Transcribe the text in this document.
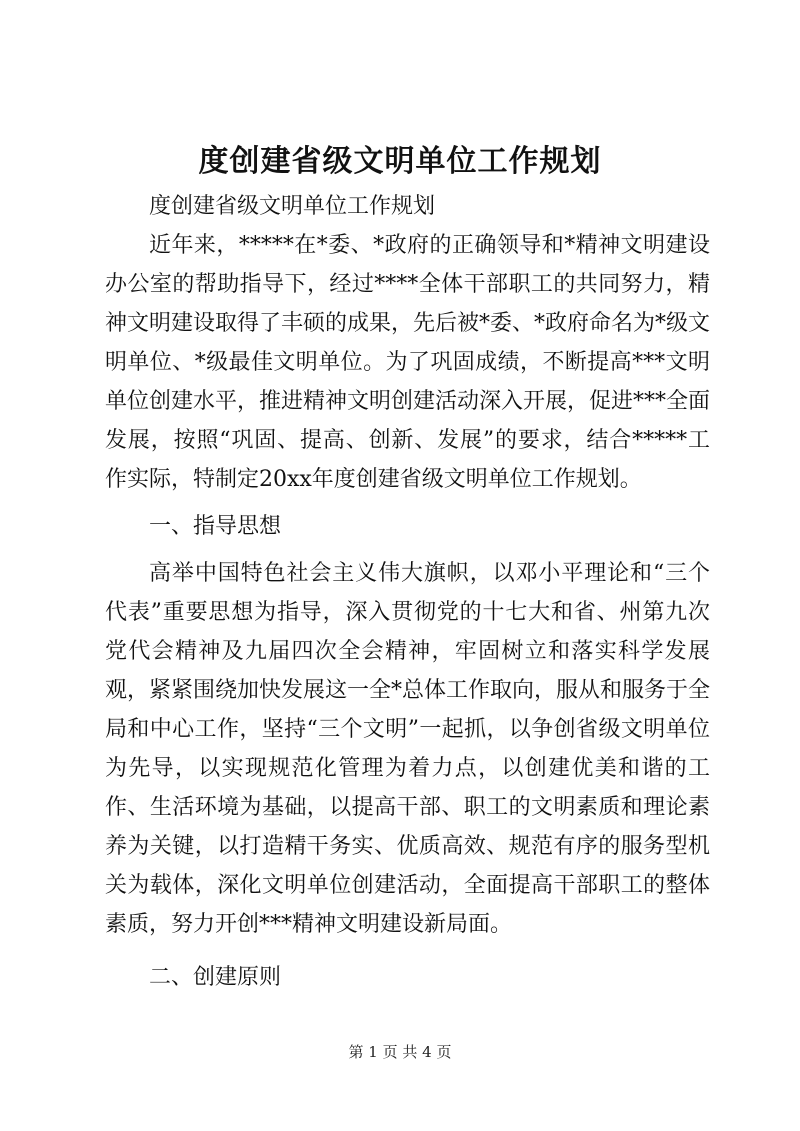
度创建省级文明单位工作规划

度创建省级文明单位工作规划

近年来，*****在*委、*政府的正确领导和*精神文明建设办公室的帮助指导下，经过****全体干部职工的共同努力，精神文明建设取得了丰硕的成果，先后被*委、*政府命名为*级文明单位、*级最佳文明单位。为了巩固成绩，不断提高***文明单位创建水平，推进精神文明创建活动深入开展，促进***全面发展，按照“巩固、提高、创新、发展”的要求，结合*****工作实际，特制定20xx年度创建省级文明单位工作规划。

一、指导思想

高举中国特色社会主义伟大旗帜，以邓小平理论和“三个代表”重要思想为指导，深入贯彻党的十七大和省、州第九次党代会精神及九届四次全会精神，牢固树立和落实科学发展观，紧紧围绕加快发展这一全*总体工作取向，服从和服务于全局和中心工作，坚持“三个文明”一起抓，以争创省级文明单位为先导，以实现规范化管理为着力点，以创建优美和谐的工作、生活环境为基础，以提高干部、职工的文明素质和理论素养为关键，以打造精干务实、优质高效、规范有序的服务型机关为载体，深化文明单位创建活动，全面提高干部职工的整体素质，努力开创***精神文明建设新局面。

二、创建原则

第 1 页 共 4 页
